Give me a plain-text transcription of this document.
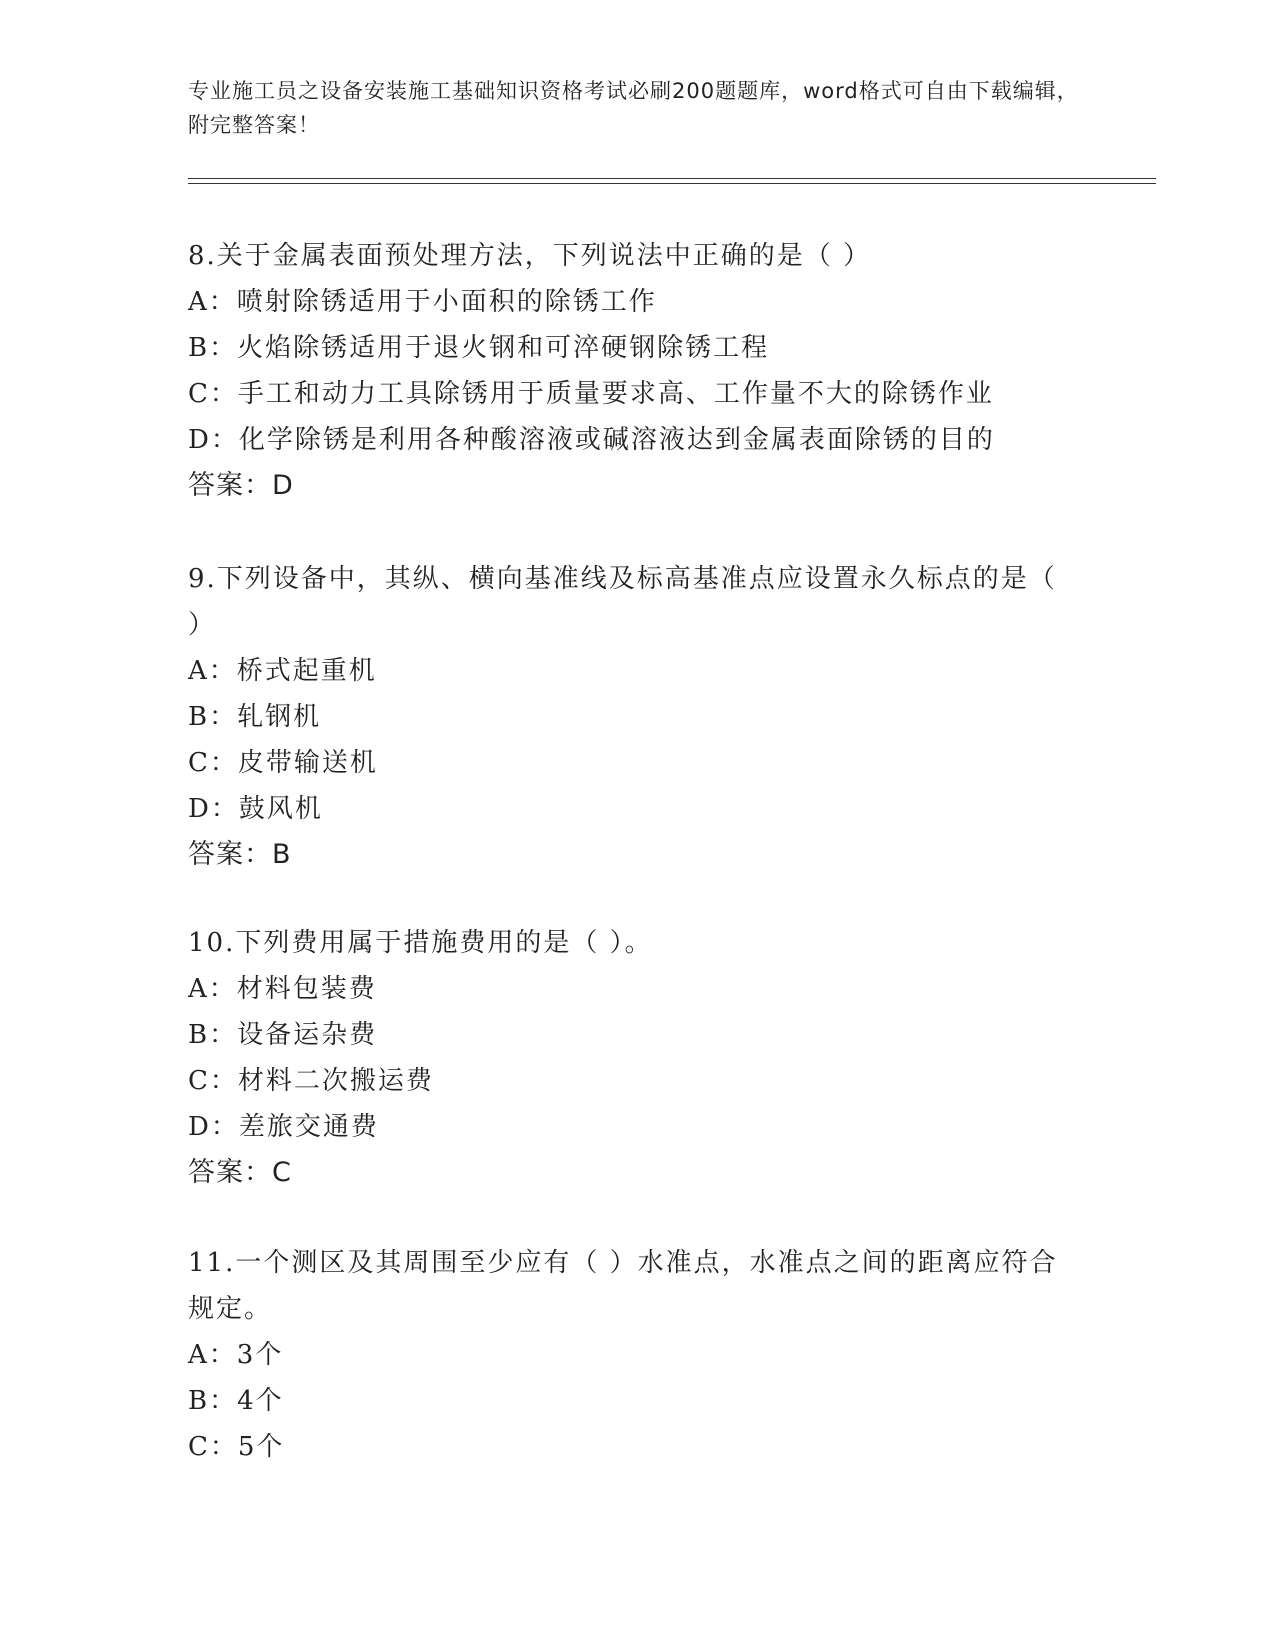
专业施工员之设备安装施工基础知识资格考试必刷200题题库，word格式可自由下载编辑，附完整答案！
8.关于金属表面预处理方法，下列说法中正确的是（ ）
A：喷射除锈适用于小面积的除锈工作
B：火焰除锈适用于退火钢和可淬硬钢除锈工程
C：手工和动力工具除锈用于质量要求高、工作量不大的除锈作业
D：化学除锈是利用各种酸溶液或碱溶液达到金属表面除锈的目的
答案：D
9.下列设备中，其纵、横向基准线及标高基准点应设置永久标点的是（ ）
A：桥式起重机
B：轧钢机
C：皮带输送机
D：鼓风机
答案：B
10.下列费用属于措施费用的是（ ）。
A：材料包装费
B：设备运杂费
C：材料二次搬运费
D：差旅交通费
答案：C
11.一个测区及其周围至少应有（ ）水准点，水准点之间的距离应符合规定。
A：3个
B：4个
C：5个
